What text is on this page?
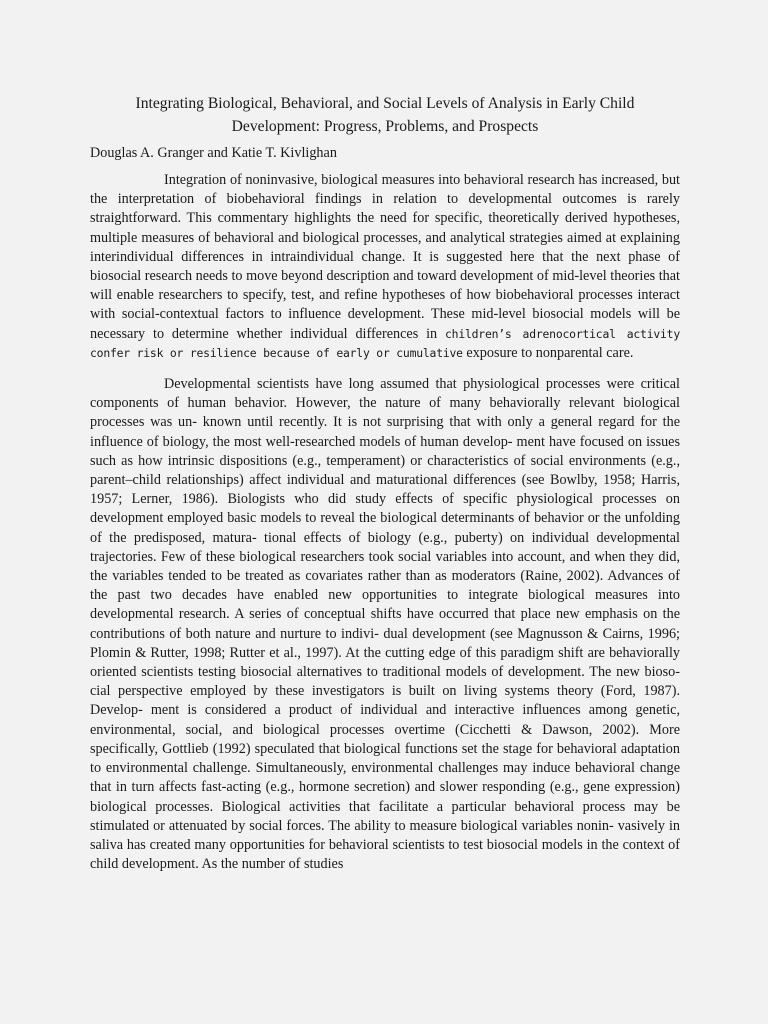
Integrating Biological, Behavioral, and Social Levels of Analysis in Early Child Development: Progress, Problems, and Prospects

Douglas A. Granger and Katie T. Kivlighan

Integration of noninvasive, biological measures into behavioral research has increased, but the interpretation of biobehavioral findings in relation to developmental outcomes is rarely straightforward. This commentary highlights the need for specific, theoretically derived hypotheses, multiple measures of behavioral and biological processes, and analytical strategies aimed at explaining interindividual differences in intraindividual change. It is suggested here that the next phase of biosocial research needs to move beyond description and toward development of mid-level theories that will enable researchers to specify, test, and refine hypotheses of how biobehavioral processes interact with social-contextual factors to influence development. These mid-level biosocial models will be necessary to determine whether individual differences in children’s adrenocortical activity confer risk or resilience because of early or cumulative exposure to nonparental care.

Developmental scientists have long assumed that physiological processes were critical components of human behavior. However, the nature of many behaviorally relevant biological processes was un- known until recently. It is not surprising that with only a general regard for the influence of biology, the most well-researched models of human develop- ment have focused on issues such as how intrinsic dispositions (e.g., temperament) or characteristics of social environments (e.g., parent–child relationships) affect individual and maturational differences (see Bowlby, 1958; Harris, 1957; Lerner, 1986). Biologists who did study effects of specific physiological processes on development employed basic models to reveal the biological determinants of behavior or the unfolding of the predisposed, matura- tional effects of biology (e.g., puberty) on individual developmental trajectories. Few of these biological researchers took social variables into account, and when they did, the variables tended to be treated as covariates rather than as moderators (Raine, 2002). Advances of the past two decades have enabled new opportunities to integrate biological measures into developmental research. A series of conceptual shifts have occurred that place new emphasis on the contributions of both nature and nurture to indivi- dual development (see Magnusson & Cairns, 1996; Plomin & Rutter, 1998; Rutter et al., 1997). At the cutting edge of this paradigm shift are behaviorally oriented scientists testing biosocial alternatives to traditional models of development. The new bioso- cial perspective employed by these investigators is built on living systems theory (Ford, 1987). Develop- ment is considered a product of individual and interactive influences among genetic, environmental, social, and biological processes overtime (Cicchetti & Dawson, 2002). More specifically, Gottlieb (1992) speculated that biological functions set the stage for behavioral adaptation to environmental challenge. Simultaneously, environmental challenges may induce behavioral change that in turn affects fast-acting (e.g., hormone secretion) and slower responding (e.g., gene expression) biological processes. Biological activities that facilitate a particular behavioral process may be stimulated or attenuated by social forces. The ability to measure biological variables nonin- vasively in saliva has created many opportunities for behavioral scientists to test biosocial models in the context of child development. As the number of studies
